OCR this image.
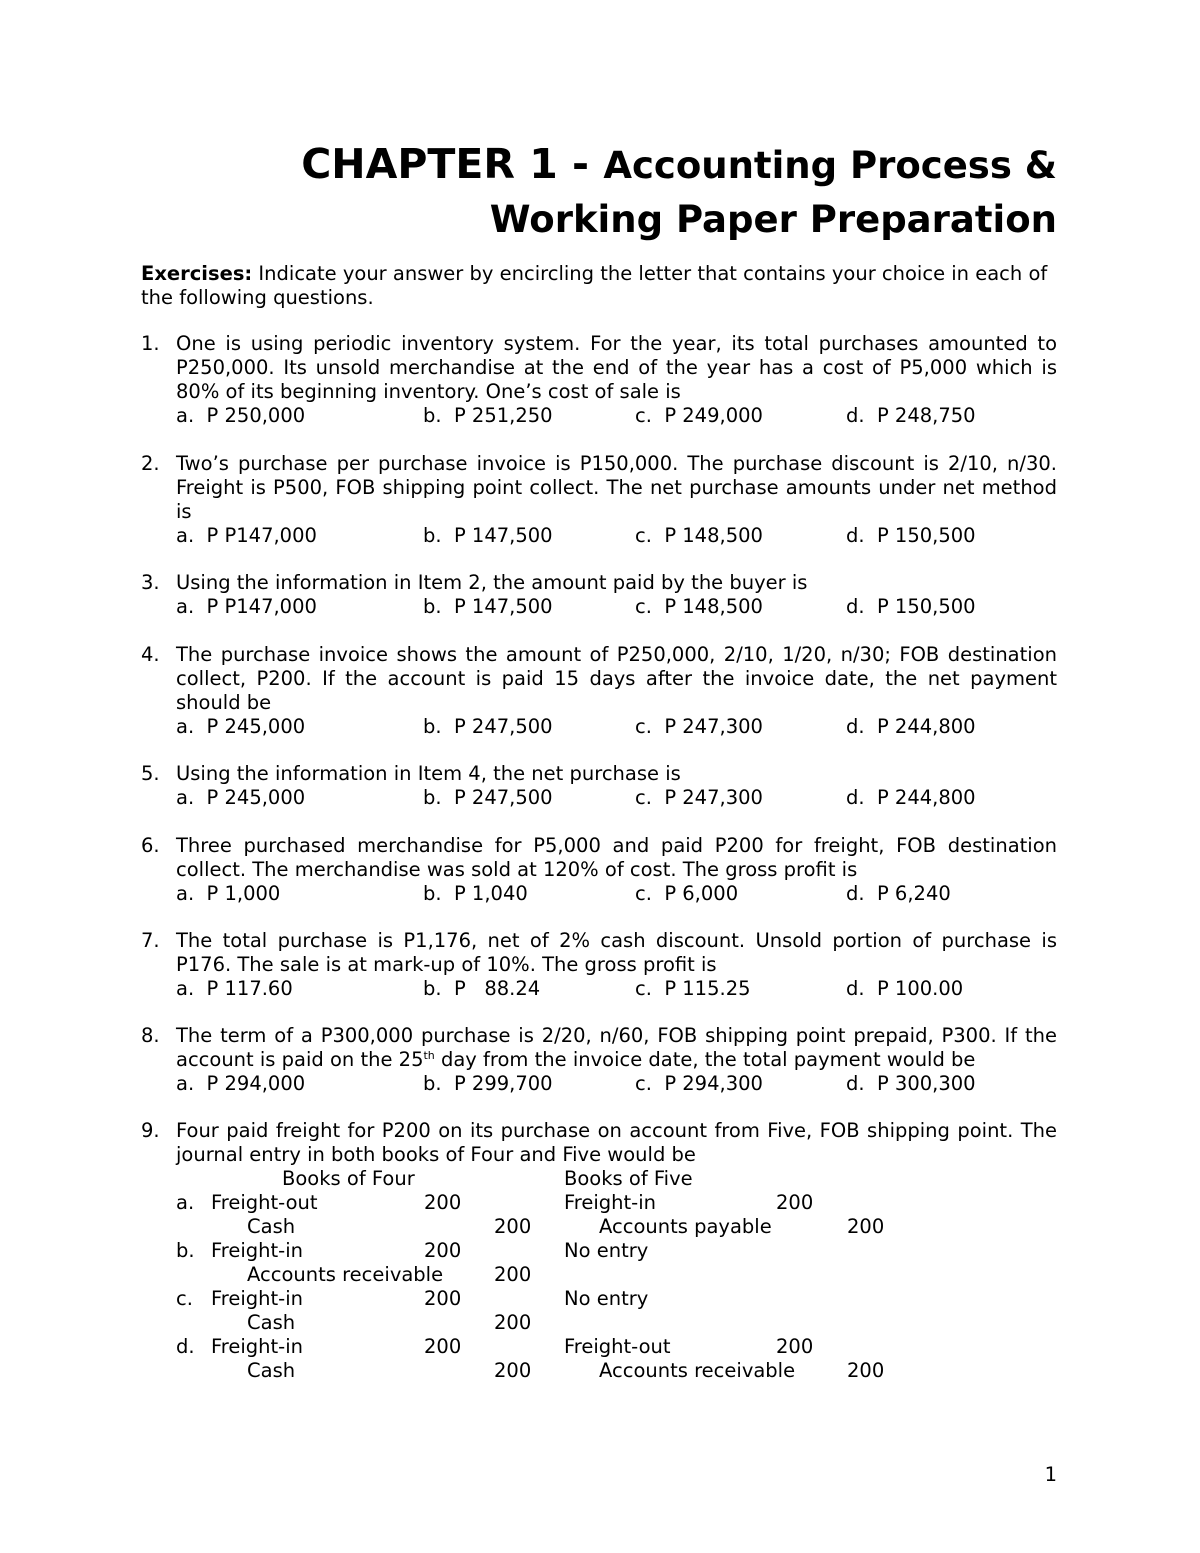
CHAPTER 1 - Accounting Process &
Working Paper Preparation
Exercises: Indicate your answer by encircling the letter that contains your choice in each of the following questions.
1. One is using periodic inventory system. For the year, its total purchases amounted to P250,000. Its unsold merchandise at the end of the year has a cost of P5,000 which is 80% of its beginning inventory. One’s cost of sale is
a.  P 250,000	b.  P 251,250	c.  P 249,000	d.  P 248,750
2. Two’s purchase per purchase invoice is P150,000. The purchase discount is 2/10, n/30. Freight is P500, FOB shipping point collect. The net purchase amounts under net method is
a.  P P147,000	b.  P 147,500	c.  P 148,500	d.  P 150,500
3. Using the information in Item 2, the amount paid by the buyer is
a.  P P147,000	b.  P 147,500	c.  P 148,500	d.  P 150,500
4. The purchase invoice shows the amount of P250,000, 2/10, 1/20, n/30; FOB destination collect, P200. If the account is paid 15 days after the invoice date, the net payment should be
a.  P 245,000	b.  P 247,500	c.  P 247,300	d.  P 244,800
5. Using the information in Item 4, the net purchase is
a.  P 245,000	b.  P 247,500	c.  P 247,300	d.  P 244,800
6. Three purchased merchandise for P5,000 and paid P200 for freight, FOB destination collect. The merchandise was sold at 120% of cost. The gross profit is
a.  P 1,000	b.  P 1,040	c.  P 6,000	d.  P 6,240
7. The total purchase is P1,176, net of 2% cash discount. Unsold portion of purchase is P176. The sale is at mark-up of 10%. The gross profit is
a.  P 117.60	b.  P   88.24	c.  P 115.25	d.  P 100.00
8. The term of a P300,000 purchase is 2/20, n/60, FOB shipping point prepaid, P300. If the account is paid on the 25th day from the invoice date, the total payment would be
a.  P 294,000	b.  P 299,700	c.  P 294,300	d.  P 300,300
9. Four paid freight for P200 on its purchase on account from Five, FOB shipping point. The journal entry in both books of Four and Five would be
Books of Four	Books of Five
a. Freight-out	200	Freight-in	200
Cash	200	Accounts payable	200
b. Freight-in	200	No entry
Accounts receivable	200
c. Freight-in	200	No entry
Cash	200
d. Freight-in	200	Freight-out	200
Cash	200	Accounts receivable	200
1
